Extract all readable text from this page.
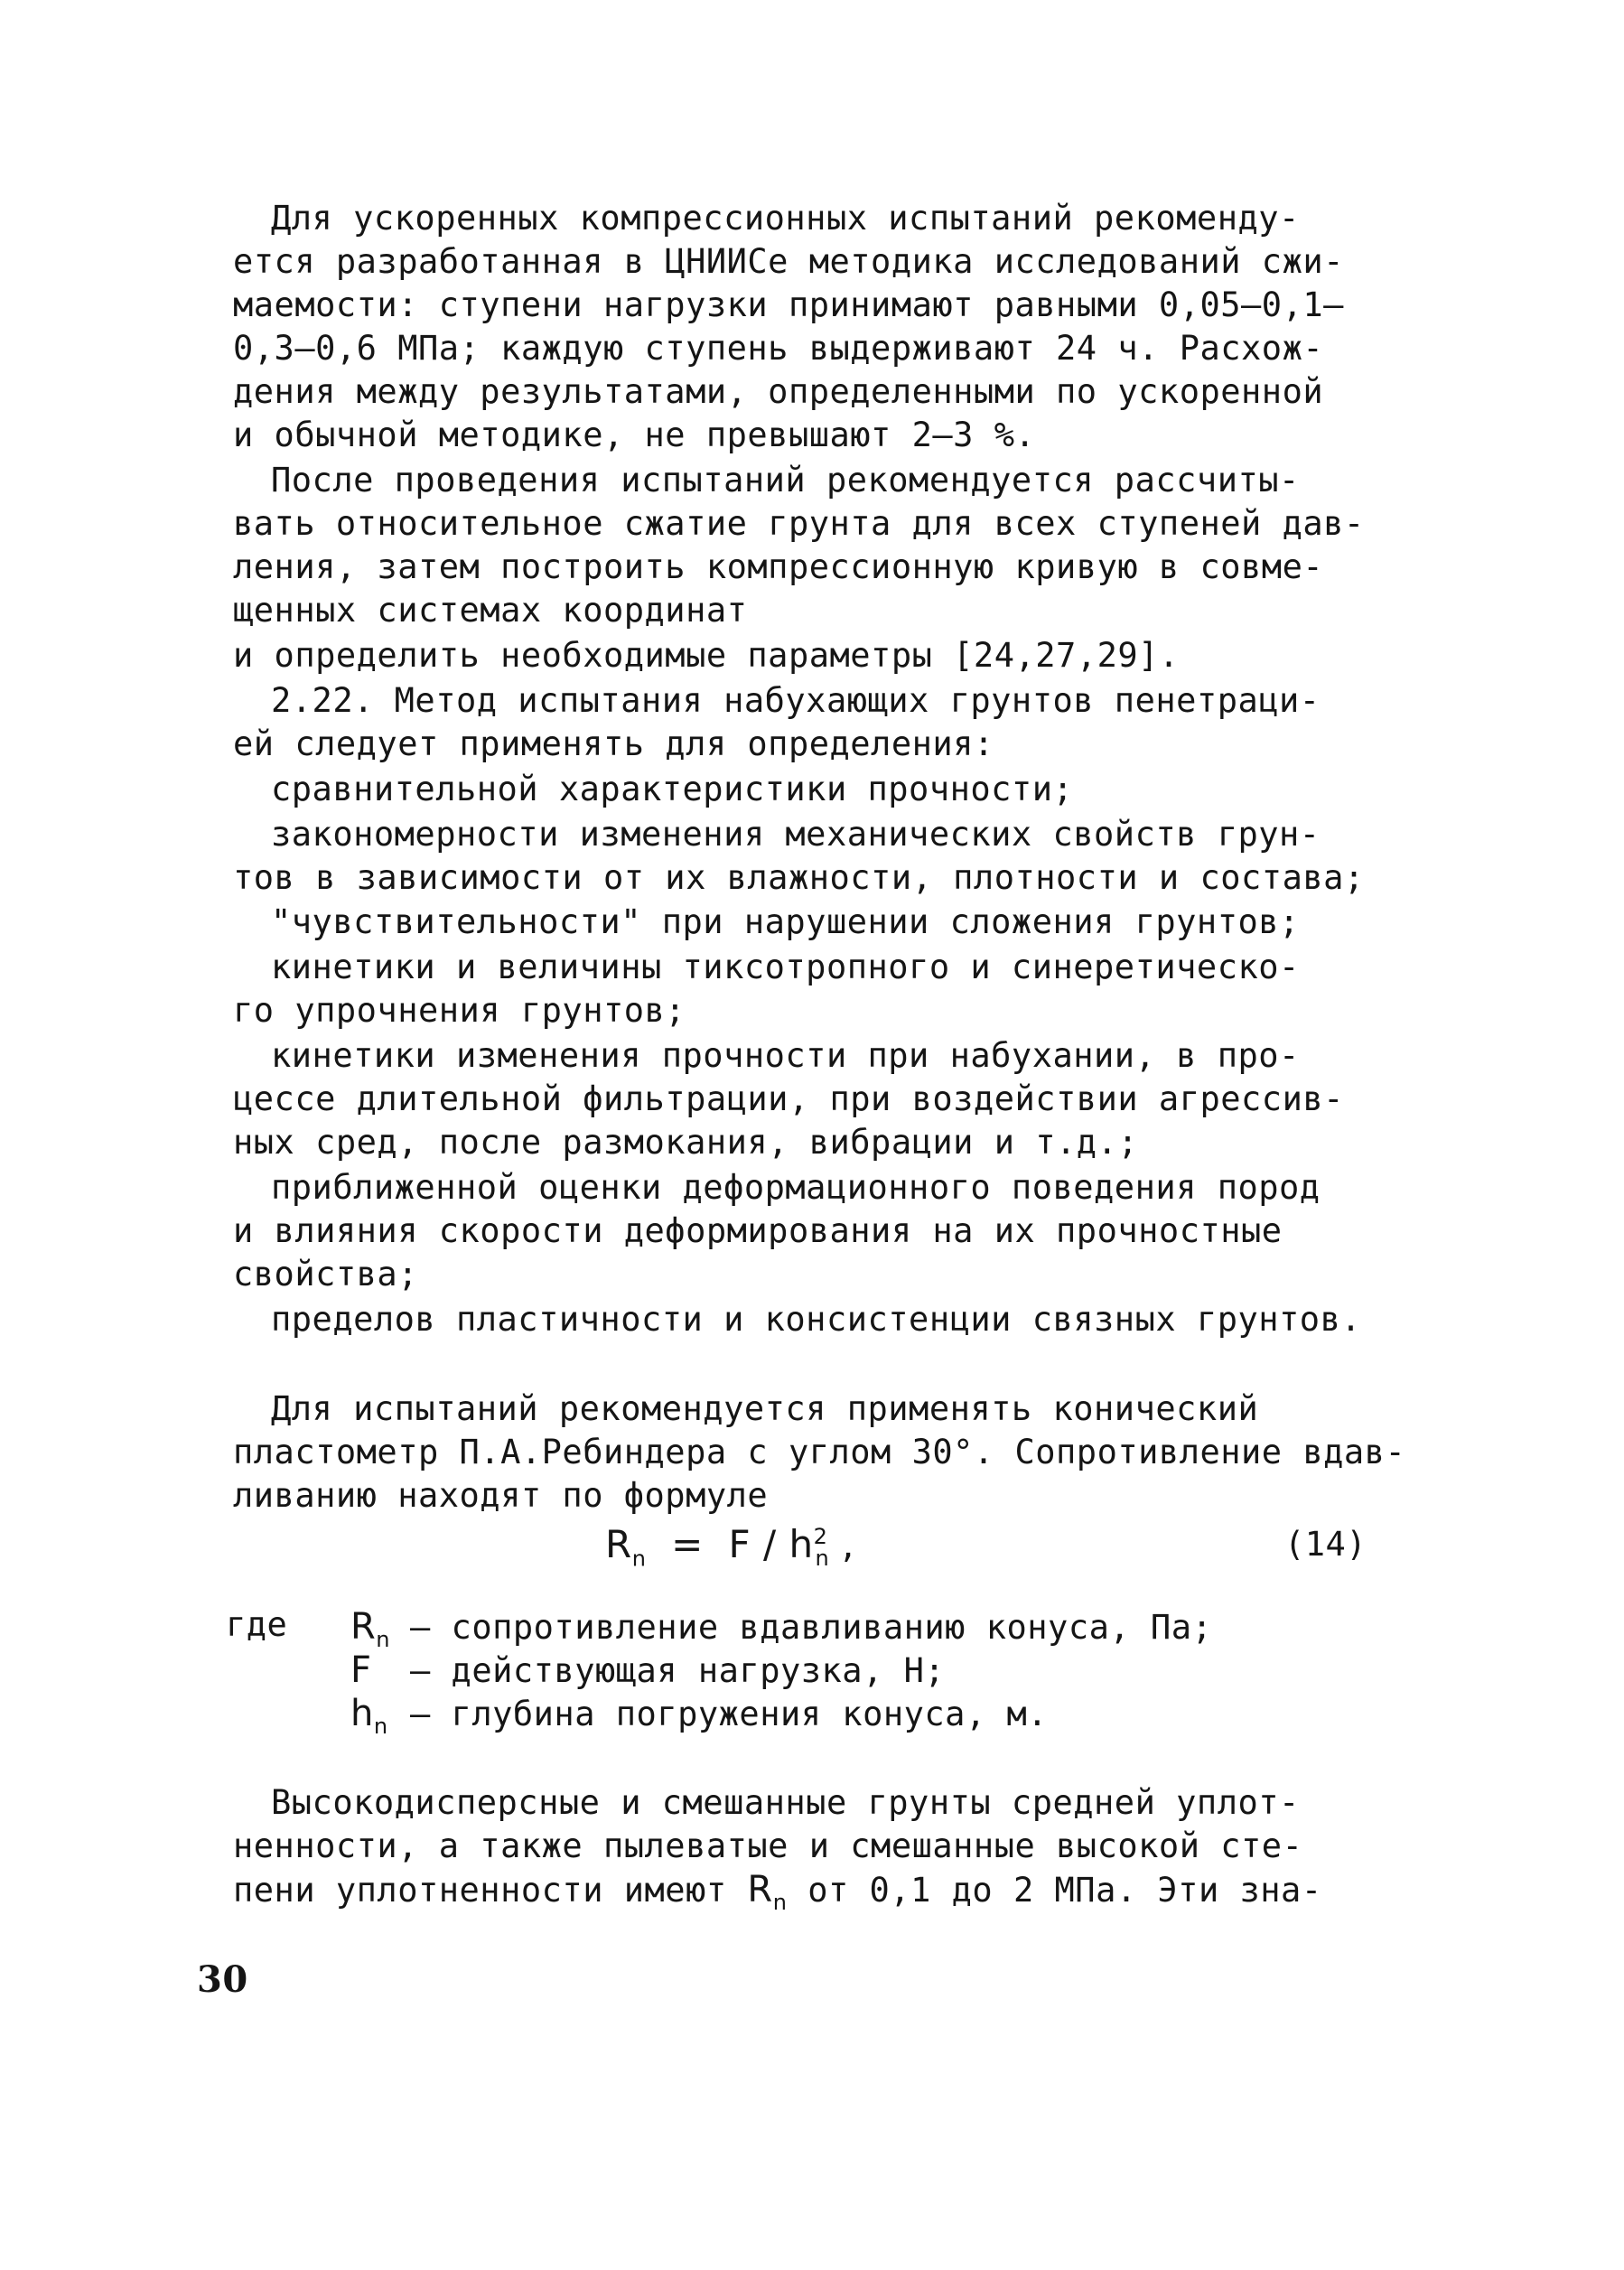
Для ускоренных компрессионных испытаний рекоменду-
ется разработанная в ЦНИИСе методика исследований сжи-
маемости: ступени нагрузки принимают равными 0,05–0,1–
0,3–0,6 МПа; каждую ступень выдерживают 24 ч. Расхож-
дения между результатами, определенными по ускоренной
и обычной методике, не превышают 2–3 %.
После проведения испытаний рекомендуется рассчиты-
вать относительное сжатие грунта для всех ступеней дав-
ления, затем построить компрессионную кривую в совме-
щенных системах координат
и определить необходимые параметры [24,27,29].
2.22. Метод испытания набухающих грунтов пенетраци-
ей следует применять для определения:
сравнительной характеристики прочности;
закономерности изменения механических свойств грун-
тов в зависимости от их влажности, плотности и состава;
"чувствительности" при нарушении сложения грунтов;
кинетики и величины тиксотропного и синеретическо-
го упрочнения грунтов;
кинетики изменения прочности при набухании, в про-
цессе длительной фильтрации, при воздействии агрессив-
ных сред, после размокания, вибрации и т.д.;
приближенной оценки деформационного поведения пород
и влияния скорости деформирования на их прочностные
свойства;
пределов пластичности и консистенции связных грунтов.
Для испытаний рекомендуется применять конический
пластометр П.А.Ребиндера с углом 30°. Сопротивление вдав-
ливанию находят по формуле
$R_n = F / h^2_n$ ,	(14)
где $R_n$ – сопротивление вдавливанию конуса, Па;
F – действующая нагрузка, Н;
$h_n$ – глубина погружения конуса, м.
Высокодисперсные и смешанные грунты средней уплот-
ненности, а также пылеватые и смешанные высокой сте-
пени уплотненности имеют $R_n$ от 0,1 до 2 МПа. Эти зна-
30
